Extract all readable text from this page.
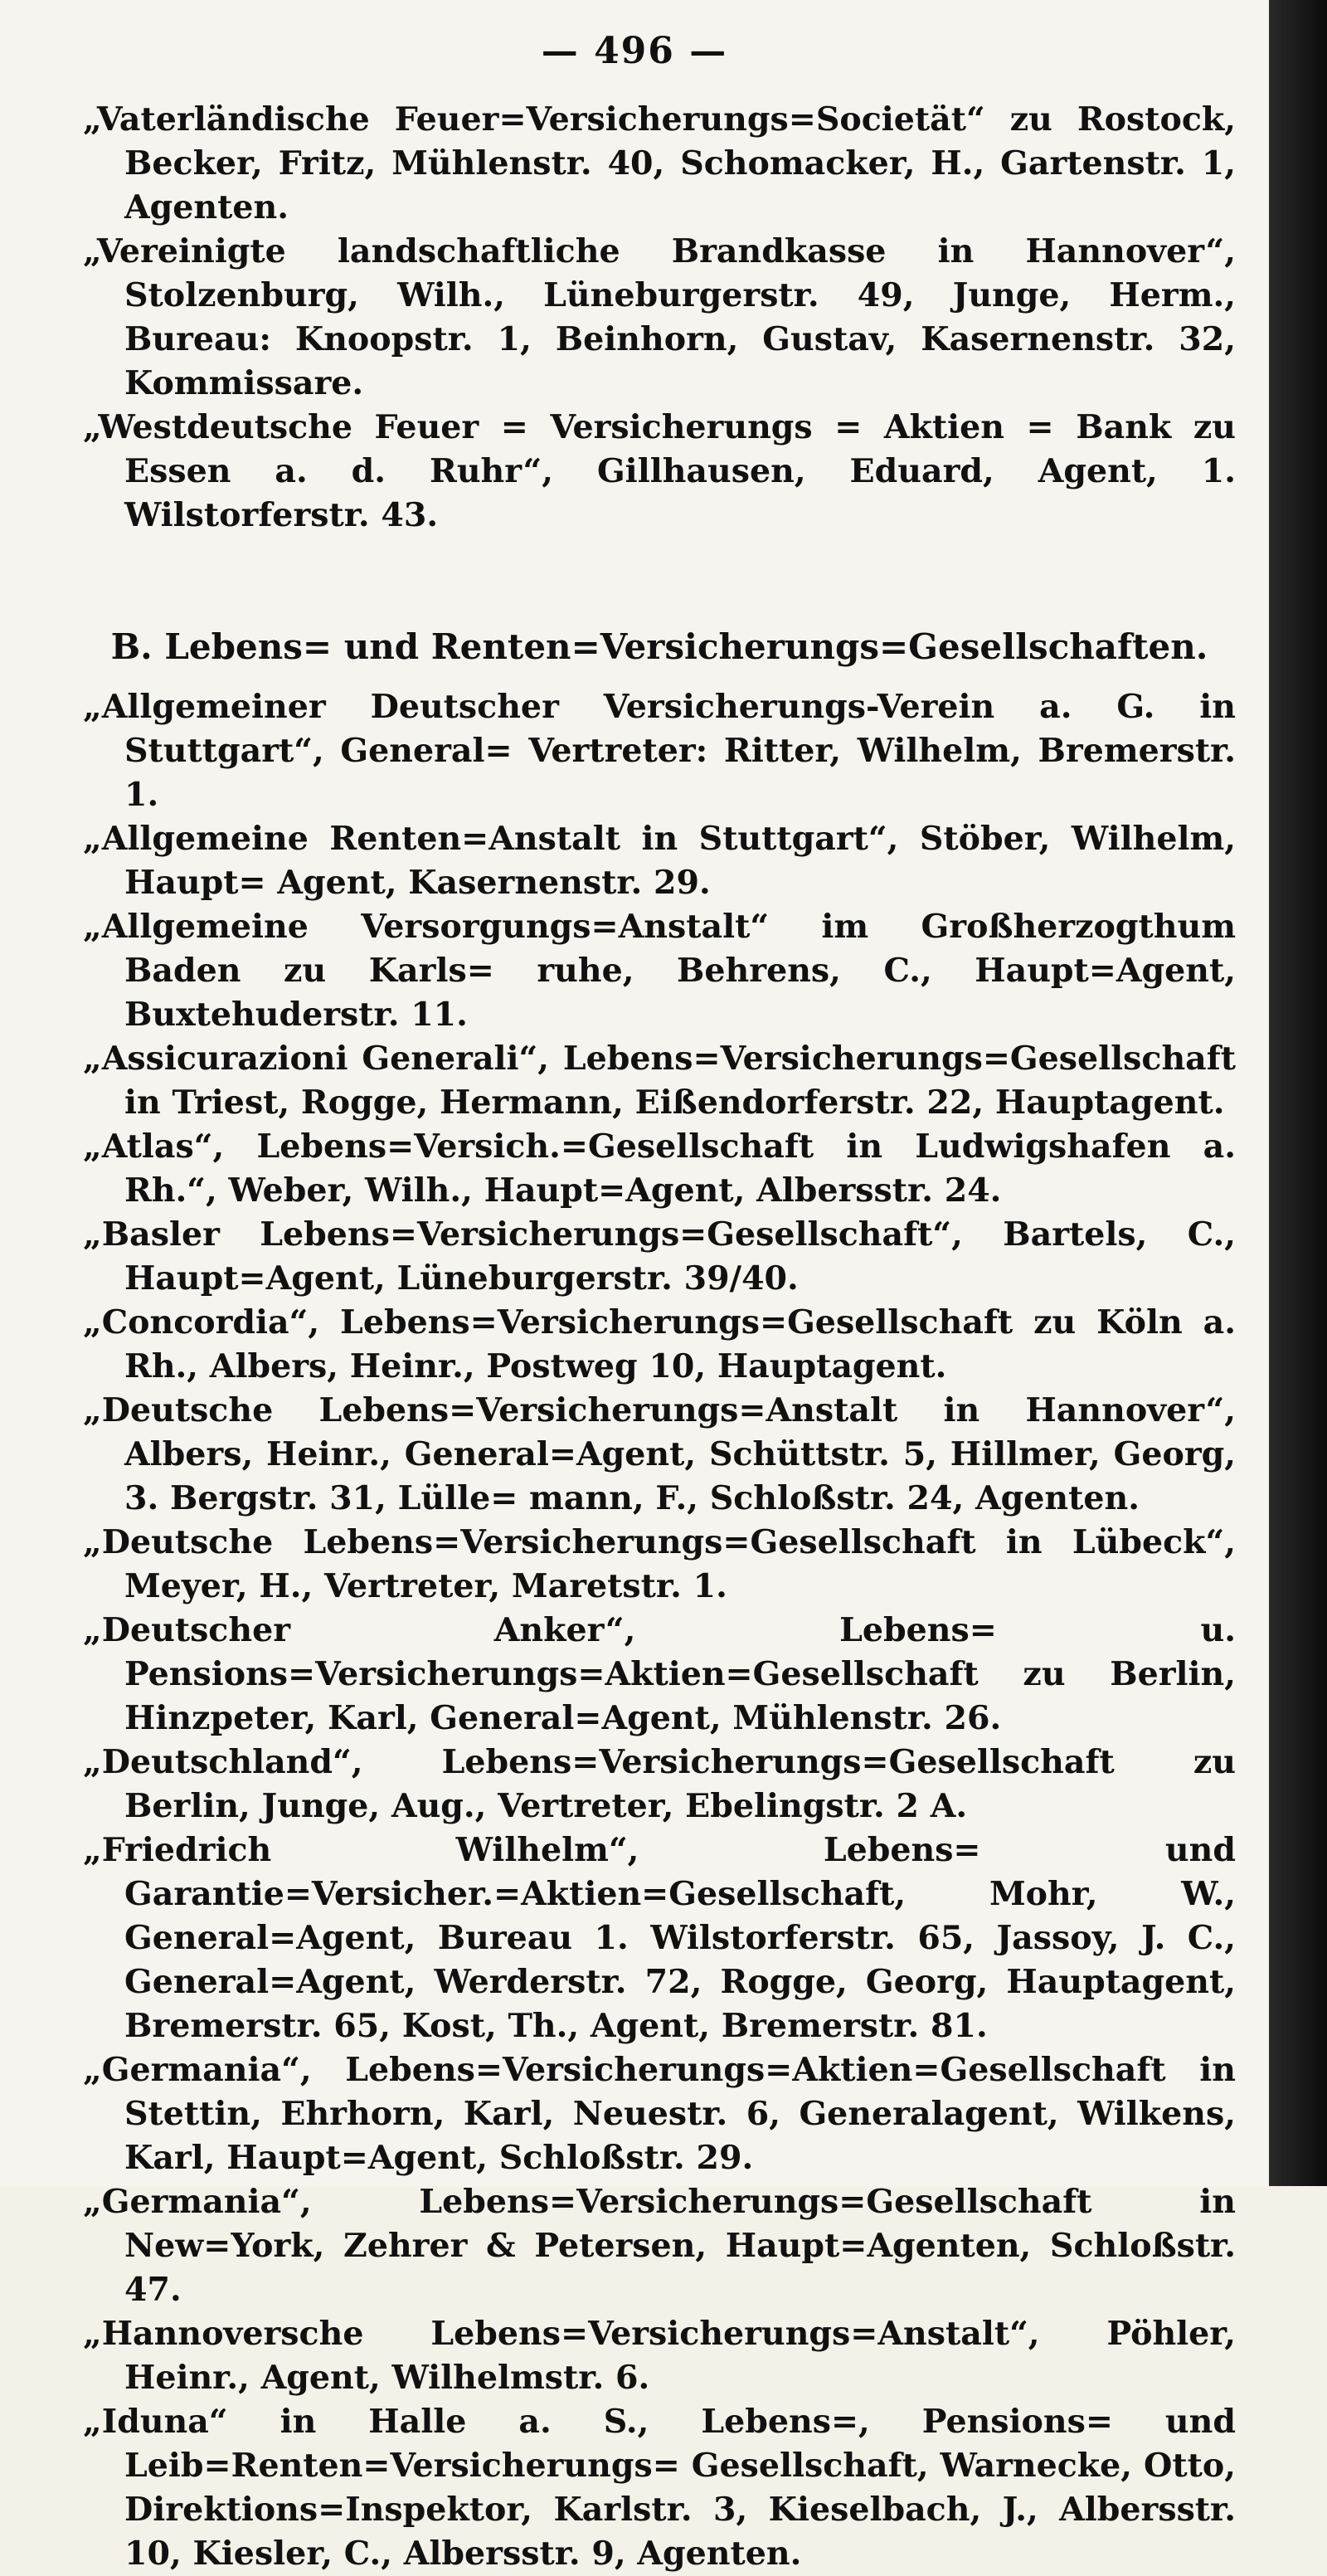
— 496 —

„Vaterländische Feuer=Versicherungs=Societät“ zu Rostock, Becker, Fritz, Mühlenstr. 40, Schomacker, H., Gartenstr. 1, Agenten.

„Vereinigte landschaftliche Brandkasse in Hannover“, Stolzenburg, Wilh., Lüneburgerstr. 49, Junge, Herm., Bureau: Knoopstr. 1, Beinhorn, Gustav, Kasernenstr. 32, Kommissare.

„Westdeutsche Feuer = Versicherungs = Aktien = Bank zu Essen a. d. Ruhr“, Gillhausen, Eduard, Agent, 1. Wilstorferstr. 43.

B. Lebens= und Renten=Versicherungs=Gesellschaften.

„Allgemeiner Deutscher Versicherungs-Verein a. G. in Stuttgart“, General= Vertreter: Ritter, Wilhelm, Bremerstr. 1.

„Allgemeine Renten=Anstalt in Stuttgart“, Stöber, Wilhelm, Haupt= Agent, Kasernenstr. 29.

„Allgemeine Versorgungs=Anstalt“ im Großherzogthum Baden zu Karls= ruhe, Behrens, C., Haupt=Agent, Buxtehuderstr. 11.

„Assicurazioni Generali“, Lebens=Versicherungs=Gesellschaft in Triest, Rogge, Hermann, Eißendorferstr. 22, Hauptagent.

„Atlas“, Lebens=Versich.=Gesellschaft in Ludwigshafen a. Rh.“, Weber, Wilh., Haupt=Agent, Albersstr. 24.

„Basler Lebens=Versicherungs=Gesellschaft“, Bartels, C., Haupt=Agent, Lüneburgerstr. 39/40.

„Concordia“, Lebens=Versicherungs=Gesellschaft zu Köln a. Rh., Albers, Heinr., Postweg 10, Hauptagent.

„Deutsche Lebens=Versicherungs=Anstalt in Hannover“, Albers, Heinr., General=Agent, Schüttstr. 5, Hillmer, Georg, 3. Bergstr. 31, Lülle= mann, F., Schloßstr. 24, Agenten.

„Deutsche Lebens=Versicherungs=Gesellschaft in Lübeck“, Meyer, H., Vertreter, Maretstr. 1.

„Deutscher Anker“, Lebens= u. Pensions=Versicherungs=Aktien=Gesellschaft zu Berlin, Hinzpeter, Karl, General=Agent, Mühlenstr. 26.

„Deutschland“, Lebens=Versicherungs=Gesellschaft zu Berlin, Junge, Aug., Vertreter, Ebelingstr. 2 A.

„Friedrich Wilhelm“, Lebens= und Garantie=Versicher.=Aktien=Gesellschaft, Mohr, W., General=Agent, Bureau 1. Wilstorferstr. 65, Jassoy, J. C., General=Agent, Werderstr. 72, Rogge, Georg, Hauptagent, Bremerstr. 65, Kost, Th., Agent, Bremerstr. 81.

„Germania“, Lebens=Versicherungs=Aktien=Gesellschaft in Stettin, Ehrhorn, Karl, Neuestr. 6, Generalagent, Wilkens, Karl, Haupt=Agent, Schloßstr. 29.

„Germania“, Lebens=Versicherungs=Gesellschaft in New=York, Zehrer & Petersen, Haupt=Agenten, Schloßstr. 47.

„Hannoversche Lebens=Versicherungs=Anstalt“, Pöhler, Heinr., Agent, Wilhelmstr. 6.

„Iduna“ in Halle a. S., Lebens=, Pensions= und Leib=Renten=Versicherungs= Gesellschaft, Warnecke, Otto, Direktions=Inspektor, Karlstr. 3, Kieselbach, J., Albersstr. 10, Kiesler, C., Albersstr. 9, Agenten.
